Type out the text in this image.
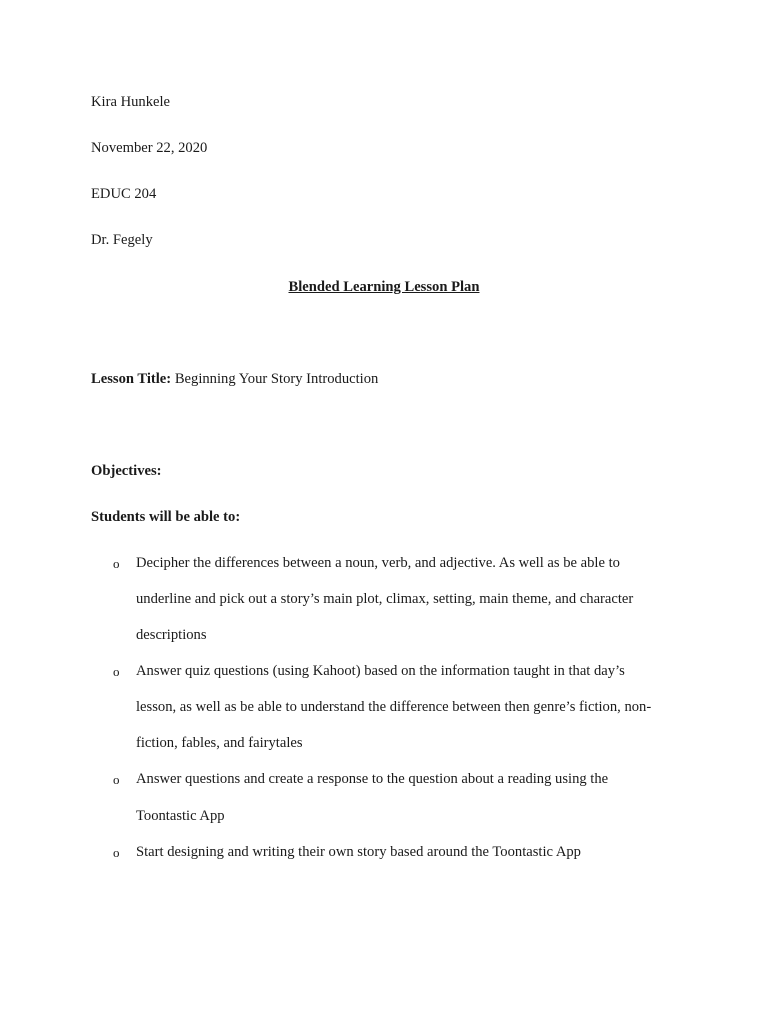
Kira Hunkele
November 22, 2020
EDUC 204
Dr. Fegely
Blended Learning Lesson Plan
Lesson Title: Beginning Your Story Introduction
Objectives:
Students will be able to:
o Decipher the differences between a noun, verb, and adjective. As well as be able to
underline and pick out a story’s main plot, climax, setting, main theme, and character
descriptions
o Answer quiz questions (using Kahoot) based on the information taught in that day’s
lesson, as well as be able to understand the difference between then genre’s fiction, non-
fiction, fables, and fairytales
o Answer questions and create a response to the question about a reading using the
Toontastic App
o Start designing and writing their own story based around the Toontastic App
